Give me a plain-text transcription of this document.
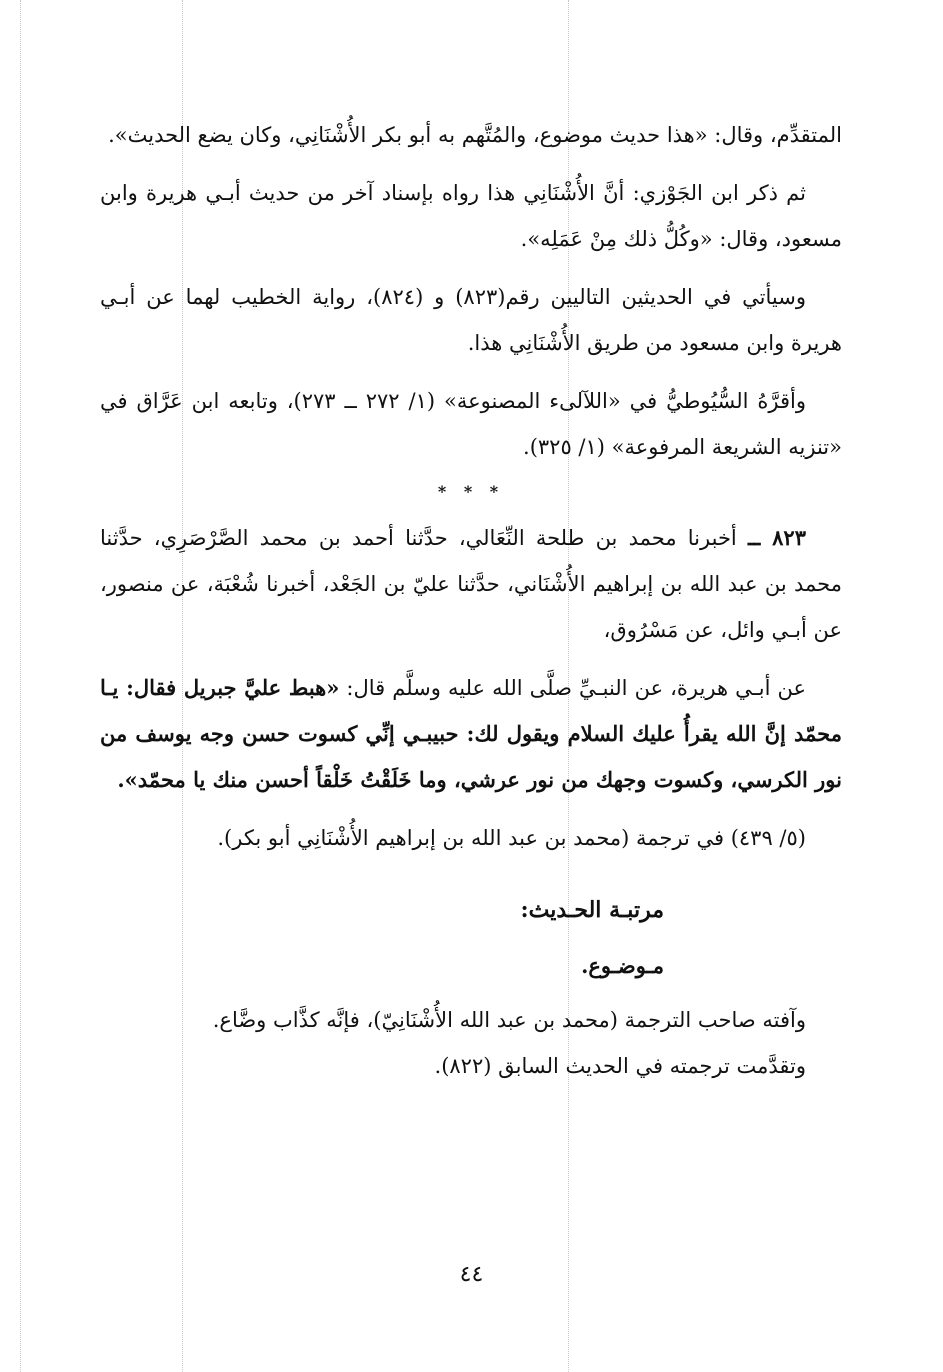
المتقدِّم، وقال: «هذا حديث موضوع، والمُتَّهم به أبو بكر الأُشْنَانِي، وكان يضع الحديث».

ثم ذكر ابن الجَوْزي: أنَّ الأُشْنَانِي هذا رواه بإسناد آخر من حديث أبـي هريرة وابن مسعود، وقال: «وكُلُّ ذلك مِنْ عَمَلِه».

وسيأتي في الحديثين التاليين رقم(٨٢٣) و (٨٢٤)، رواية الخطيب لهما عن أبـي هريرة وابن مسعود من طريق الأُشْنَانِي هذا.

وأقرَّهُ السُّيُوطيُّ في «اللآلىء المصنوعة» (١/ ٢٧٢ ــ ٢٧٣)، وتابعه ابن عَرَّاق في «تنزيه الشريعة المرفوعة» (١/ ٣٢٥).

* * *

٨٢٣ ــ أخبرنا محمد بن طلحة النِّعَالي، حدَّثنا أحمد بن محمد الصَّرْصَرِي، حدَّثنا محمد بن عبد الله بن إبراهيم الأُشْنَاني، حدَّثنا عليّ بن الجَعْد، أخبرنا شُعْبَة، عن منصور، عن أبـي وائل، عن مَسْرُوق،

عن أبـي هريرة، عن النبـيِّ صلَّى الله عليه وسلَّم قال: «هبط عليَّ جبريل فقال: يـا محمّد إنَّ الله يقرأُ عليك السلام ويقول لك: حبيبـي إنِّي كسوت حسن وجه يوسف من نور الكرسي، وكسوت وجهك من نور عرشي، وما خَلَقْتُ خَلْقاً أحسن منك يا محمّد».

(٥/ ٤٣٩) في ترجمة (محمد بن عبد الله بن إبراهيم الأُشْنَانِي أبو بكر).

مرتبـة الحـديث:
مـوضـوع.

وآفته صاحب الترجمة (محمد بن عبد الله الأُشْنَانِيّ)، فإنَّه كذَّاب وضَّاع.

وتقدَّمت ترجمته في الحديث السابق (٨٢٢).

٤٤
